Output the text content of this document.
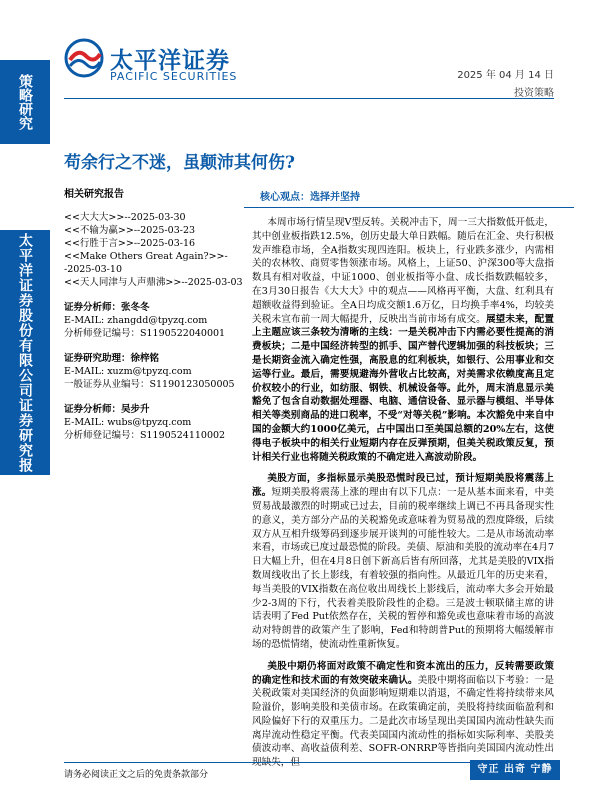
太平洋证券
PACIFIC SECURITIES	2025 年 04 月 14 日
投资策略
策略研究
太平洋证券股份有限公司证券研究报
苟余行之不迷，虽颠沛其何伤?
相关研究报告
<<大大大>>--2025-03-30
<<不输为赢>>--2025-03-23
<<行胜于言>>--2025-03-16
<<Make Others Great Again?>>--2025-03-10
<<天人同津与人声鼎沸>>--2025-03-03
证券分析师：张冬冬
E-MAIL: zhangdd@tpyzq.com
分析师登记编号：S1190522040001
证券研究助理：徐梓铭
E-MAIL: xuzm@tpyzq.com
一般证券从业编号：S1190123050005
证券分析师：吴步升
E-MAIL: wubs@tpyzq.com
分析师登记编号：S1190524110002
核心观点：选择并坚持
本周市场行情呈现V型反转。关税冲击下，周一三大指数低开低走，其中创业板指跌12.5%，创历史最大单日跌幅。随后在汇金、央行积极发声维稳市场，全A指数实现四连阳。板块上，行业跌多涨少，内需相关的农林牧、商贸零售领涨市场。风格上，上证50、沪深300等大盘指数具有相对收益，中证1000、创业板指等小盘、成长指数跌幅较多，在3月30日报告《大大大》中的观点——风格再平衡，大盘、红利具有超额收益得到验证。全A日均成交额1.6万亿，日均换手率4%，均较美关税未宣布前一周大幅提升，反映出当前市场有成交。展望未来，配置上主题应该三条较为清晰的主线：一是关税冲击下内需必要性提高的消费板块；二是中国经济转型的抓手、国产替代逻辑加强的科技板块；三是长期资金流入确定性强，高股息的红利板块，如银行、公用事业和交运等行业。最后，需要规避海外营收占比较高，对美需求依赖度高且定价权较小的行业，如纺服、钢铁、机械设备等。此外，周末消息显示美豁免了包含自动数据处理器、电脑、通信设备、显示器与模组、半导体相关等类别商品的进口税率，不受“对等关税”影响。本次豁免中来自中国的金额大约1000亿美元，占中国出口至美国总额的20%左右，这使得电子板块中的相关行业短期内存在反弹预期，但美关税政策反复，预计相关行业也将随关税政策的不确定进入高波动阶段。
美股方面，多指标显示美股恐慌时段已过，预计短期美股将震荡上涨。短期美股将震荡上涨的理由有以下几点：一是从基本面来看，中美贸易战最激烈的时期或已过去，目前的税率继续上调已不再具备现实性的意义，美方部分产品的关税豁免或意味着为贸易战的烈度降级，后续双方从互相升级筹码到逐步展开谈判的可能性较大。二是从市场流动率来看，市场或已度过最恐慌的阶段。美债、原油和美股的流动率在4月7日大幅上升，但在4月8日创下新高后皆有所回落，尤其是美股的VIX指数周线收出了长上影线，有着较强的指向性。从最近几年的历史来看，每当美股的VIX指数在高位收出周线长上影线后，流动率大多会开始最少2-3周的下行，代表着美股阶段性的企稳。三是波士顿联储主席的讲话表明了Fed Put依然存在，关税的暂停和豁免或也意味着市场的高波动对特朗普的政策产生了影响，Fed和特朗普Put的预期将大幅缓解市场的恐慌情绪，使流动性重新恢复。
美股中期仍将面对政策不确定性和资本流出的压力，反转需要政策的确定性和技术面的有效突破来确认。美股中期将面临以下考验：一是关税政策对美国经济的负面影响短期难以消退，不确定性将持续带来风险溢价，影响美股和美债市场。在政策确定前，美股将持续面临盈利和风险偏好下行的双重压力。二是此次市场呈现出美国国内流动性缺失而离岸流动性稳定平衡。代表美国国内流动性的指标如实际利率、美股美债波动率、高收益债利差、SOFR-ONRRP等皆指向美国国内流动性出现缺失，但
请务必阅读正文之后的免责条款部分	守正 出奇 宁静 致远
